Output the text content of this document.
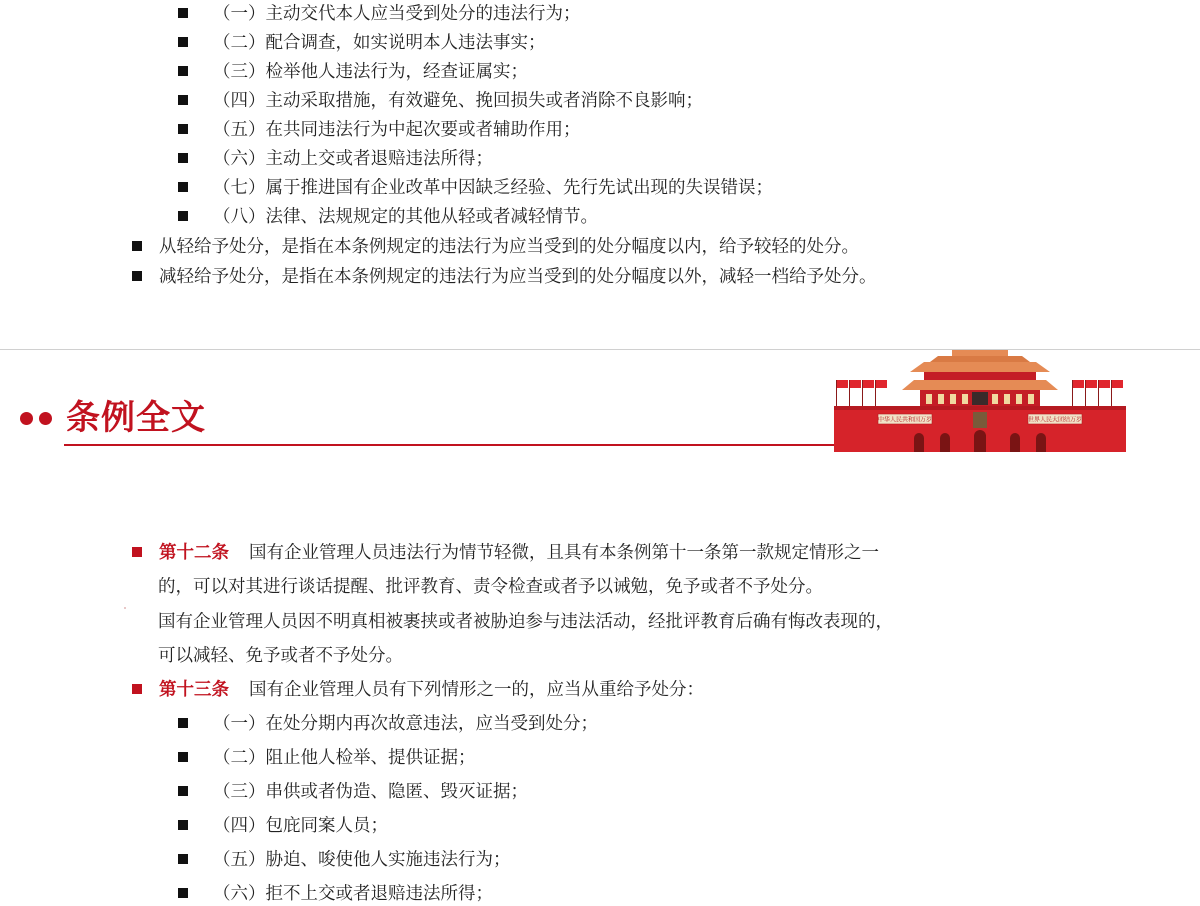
（一）主动交代本人应当受到处分的违法行为；
（二）配合调查，如实说明本人违法事实；
（三）检举他人违法行为，经查证属实；
（四）主动采取措施，有效避免、挽回损失或者消除不良影响；
（五）在共同违法行为中起次要或者辅助作用；
（六）主动上交或者退赔违法所得；
（七）属于推进国有企业改革中因缺乏经验、先行先试出现的失误错误；
（八）法律、法规规定的其他从轻或者减轻情节。
从轻给予处分，是指在本条例规定的违法行为应当受到的处分幅度以内，给予较轻的处分。
减轻给予处分，是指在本条例规定的违法行为应当受到的处分幅度以外，减轻一档给予处分。
条例全文	中华人民共和国万岁	世界人民大团结万岁
第十二条 国有企业管理人员违法行为情节轻微，且具有本条例第十一条第一款规定情形之一
的，可以对其进行谈话提醒、批评教育、责令检查或者予以诫勉，免予或者不予处分。
国有企业管理人员因不明真相被裹挟或者被胁迫参与违法活动，经批评教育后确有悔改表现的，
可以减轻、免予或者不予处分。
第十三条 国有企业管理人员有下列情形之一的，应当从重给予处分：
（一）在处分期内再次故意违法，应当受到处分；
（二）阻止他人检举、提供证据；
（三）串供或者伪造、隐匿、毁灭证据；
（四）包庇同案人员；
（五）胁迫、唆使他人实施违法行为；
（六）拒不上交或者退赔违法所得；
